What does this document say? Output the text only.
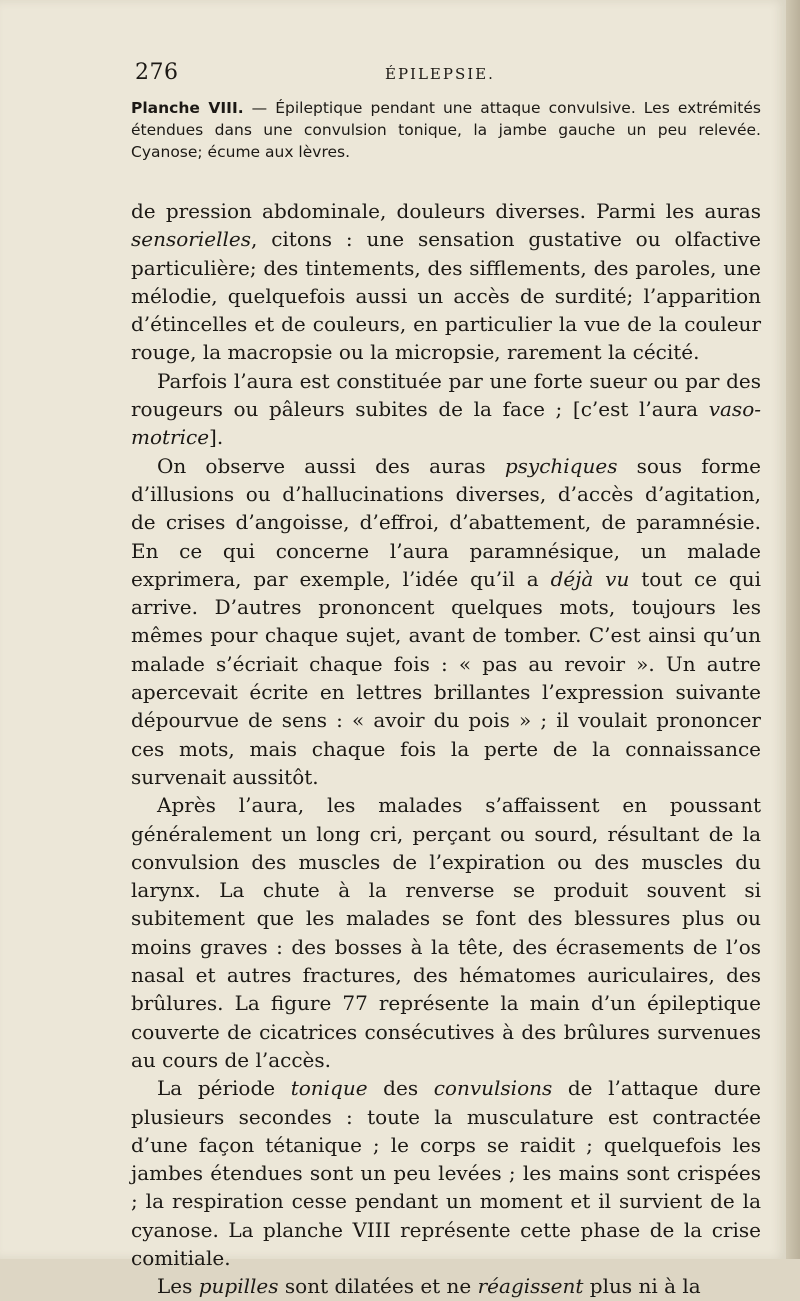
276	ÉPILEPSIE.

Planche VIII. — Épileptique pendant une attaque convulsive. Les extrémités étendues dans une convulsion tonique, la jambe gauche un peu relevée. Cyanose; écume aux lèvres.

de pression abdominale, douleurs diverses. Parmi les auras sensorielles, citons : une sensation gustative ou olfactive particulière; des tintements, des sifflements, des paroles, une mélodie, quelquefois aussi un accès de surdité; l’apparition d’étincelles et de couleurs, en particulier la vue de la couleur rouge, la macropsie ou la micropsie, rarement la cécité.

Parfois l’aura est constituée par une forte sueur ou par des rougeurs ou pâleurs subites de la face ; [c’est l’aura vaso-motrice].

On observe aussi des auras psychiques sous forme d’illusions ou d’hallucinations diverses, d’accès d’agitation, de crises d’angoisse, d’effroi, d’abattement, de paramnésie. En ce qui concerne l’aura paramnésique, un malade exprimera, par exemple, l’idée qu’il a déjà vu tout ce qui arrive. D’autres prononcent quelques mots, toujours les mêmes pour chaque sujet, avant de tomber. C’est ainsi qu’un malade s’écriait chaque fois : « pas au revoir ». Un autre apercevait écrite en lettres brillantes l’expression suivante dépourvue de sens : « avoir du pois » ; il voulait prononcer ces mots, mais chaque fois la perte de la connaissance survenait aussitôt.

Après l’aura, les malades s’affaissent en poussant généralement un long cri, perçant ou sourd, résultant de la convulsion des muscles de l’expiration ou des muscles du larynx. La chute à la renverse se produit souvent si subitement que les malades se font des blessures plus ou moins graves : des bosses à la tête, des écrasements de l’os nasal et autres fractures, des hématomes auriculaires, des brûlures. La figure 77 représente la main d’un épileptique couverte de cicatrices consécutives à des brûlures survenues au cours de l’accès.

La période tonique des convulsions de l’attaque dure plusieurs secondes : toute la musculature est contractée d’une façon tétanique ; le corps se raidit ; quelquefois les jambes étendues sont un peu levées ; les mains sont crispées ; la respiration cesse pendant un moment et il survient de la cyanose. La planche VIII représente cette phase de la crise comitiale.

Les pupilles sont dilatées et ne réagissent plus ni à la
